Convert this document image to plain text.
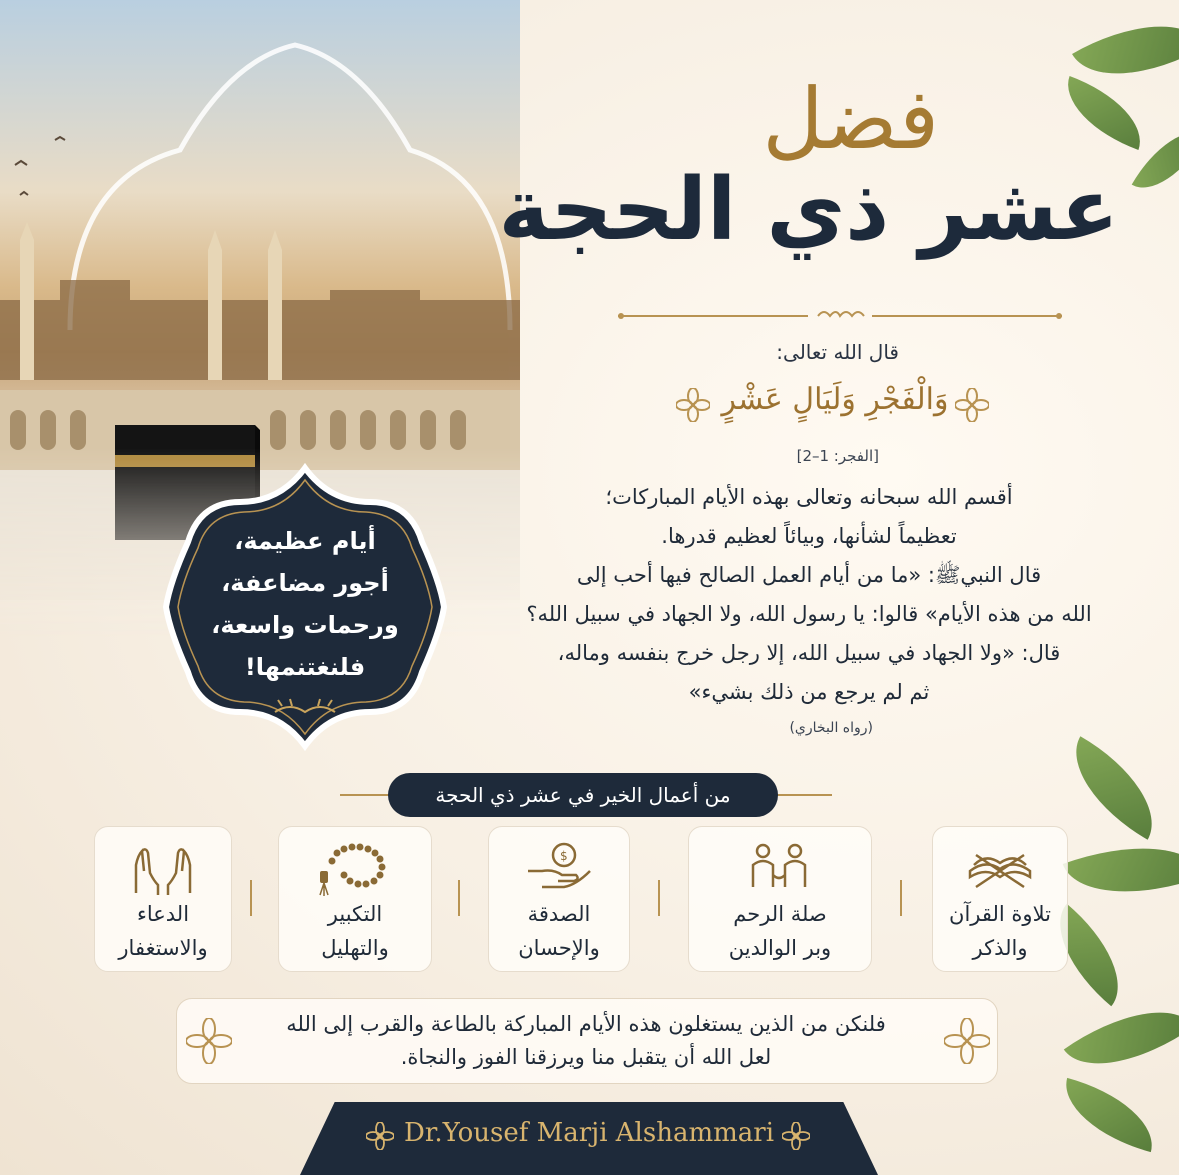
فضل
عشر ذي الحجة
قال الله تعالى:
وَالْفَجْرِ وَلَيَالٍ عَشْرٍ
[الفجر: 1–2]

أقسم الله سبحانه وتعالى بهذه الأيام المباركات؛

تعظيماً لشأنها، وبيائاً لعظيم قدرها.

قال النبيﷺ: «ما من أيام العمل الصالح فيها أحب إلى

الله من هذه الأيام» قالوا: يا رسول الله، ولا الجهاد في سبيل الله؟

قال: «ولا الجهاد في سبيل الله، إلا رجل خرج بنفسه وماله،

ثم لم يرجع من ذلك بشيء»

(رواه البخاري)
أيام عظيمة،
أجور مضاعفة،
ورحمات واسعة،
فلنغتنمها!
من أعمال الخير في عشر ذي الحجة
تلاوة القرآن
والذكر
صلة الرحم
وبر الوالدين
$
الصدقة
والإحسان
التكبير
والتهليل
الدعاء
والاستغفار
فلنكن من الذين يستغلون هذه الأيام المباركة بالطاعة والقرب إلى الله
لعل الله أن يتقبل منا ويرزقنا الفوز والنجاة.
Dr.Yousef Marji Alshammari
